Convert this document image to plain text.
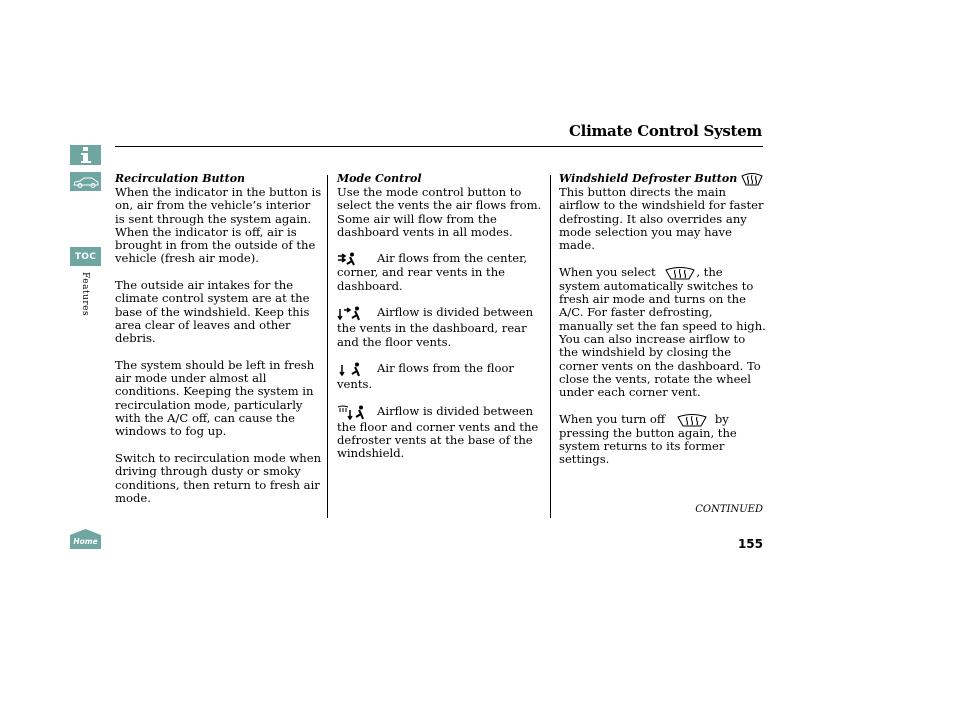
TOC
Features
Home
Climate Control System
Recirculation Button

When the indicator in the button is on, air from the vehicle’s interior is sent through the system again. When the indicator is off, air is brought in from the outside of the vehicle (fresh air mode).

The outside air intakes for the climate control system are at the base of the windshield. Keep this area clear of leaves and other debris.

The system should be left in fresh air mode under almost all conditions. Keeping the system in recirculation mode, particularly with the A/C off, can cause the windows to fog up.

Switch to recirculation mode when driving through dusty or smoky conditions, then return to fresh air mode.

Mode Control

Use the mode control button to select the vents the air flows from. Some air will flow from the dashboard vents in all modes.

Air flows from the center, corner, and rear vents in the dashboard.

Airflow is divided between the vents in the dashboard, rear and the floor vents.

Air flows from the floor vents.

Airflow is divided between the floor and corner vents and the defroster vents at the base of the windshield.

Windshield Defroster Button

This button directs the main airflow to the windshield for faster defrosting. It also overrides any mode selection you may have made.

When you select	, the system automatically switches to fresh air mode and turns on the A/C. For faster defrosting, manually set the fan speed to high. You can also increase airflow to the windshield by closing the corner vents on the dashboard. To close the vents, rotate the wheel under each corner vent.

When you turn off	by pressing the button again, the system returns to its former settings.

CONTINUED
155
